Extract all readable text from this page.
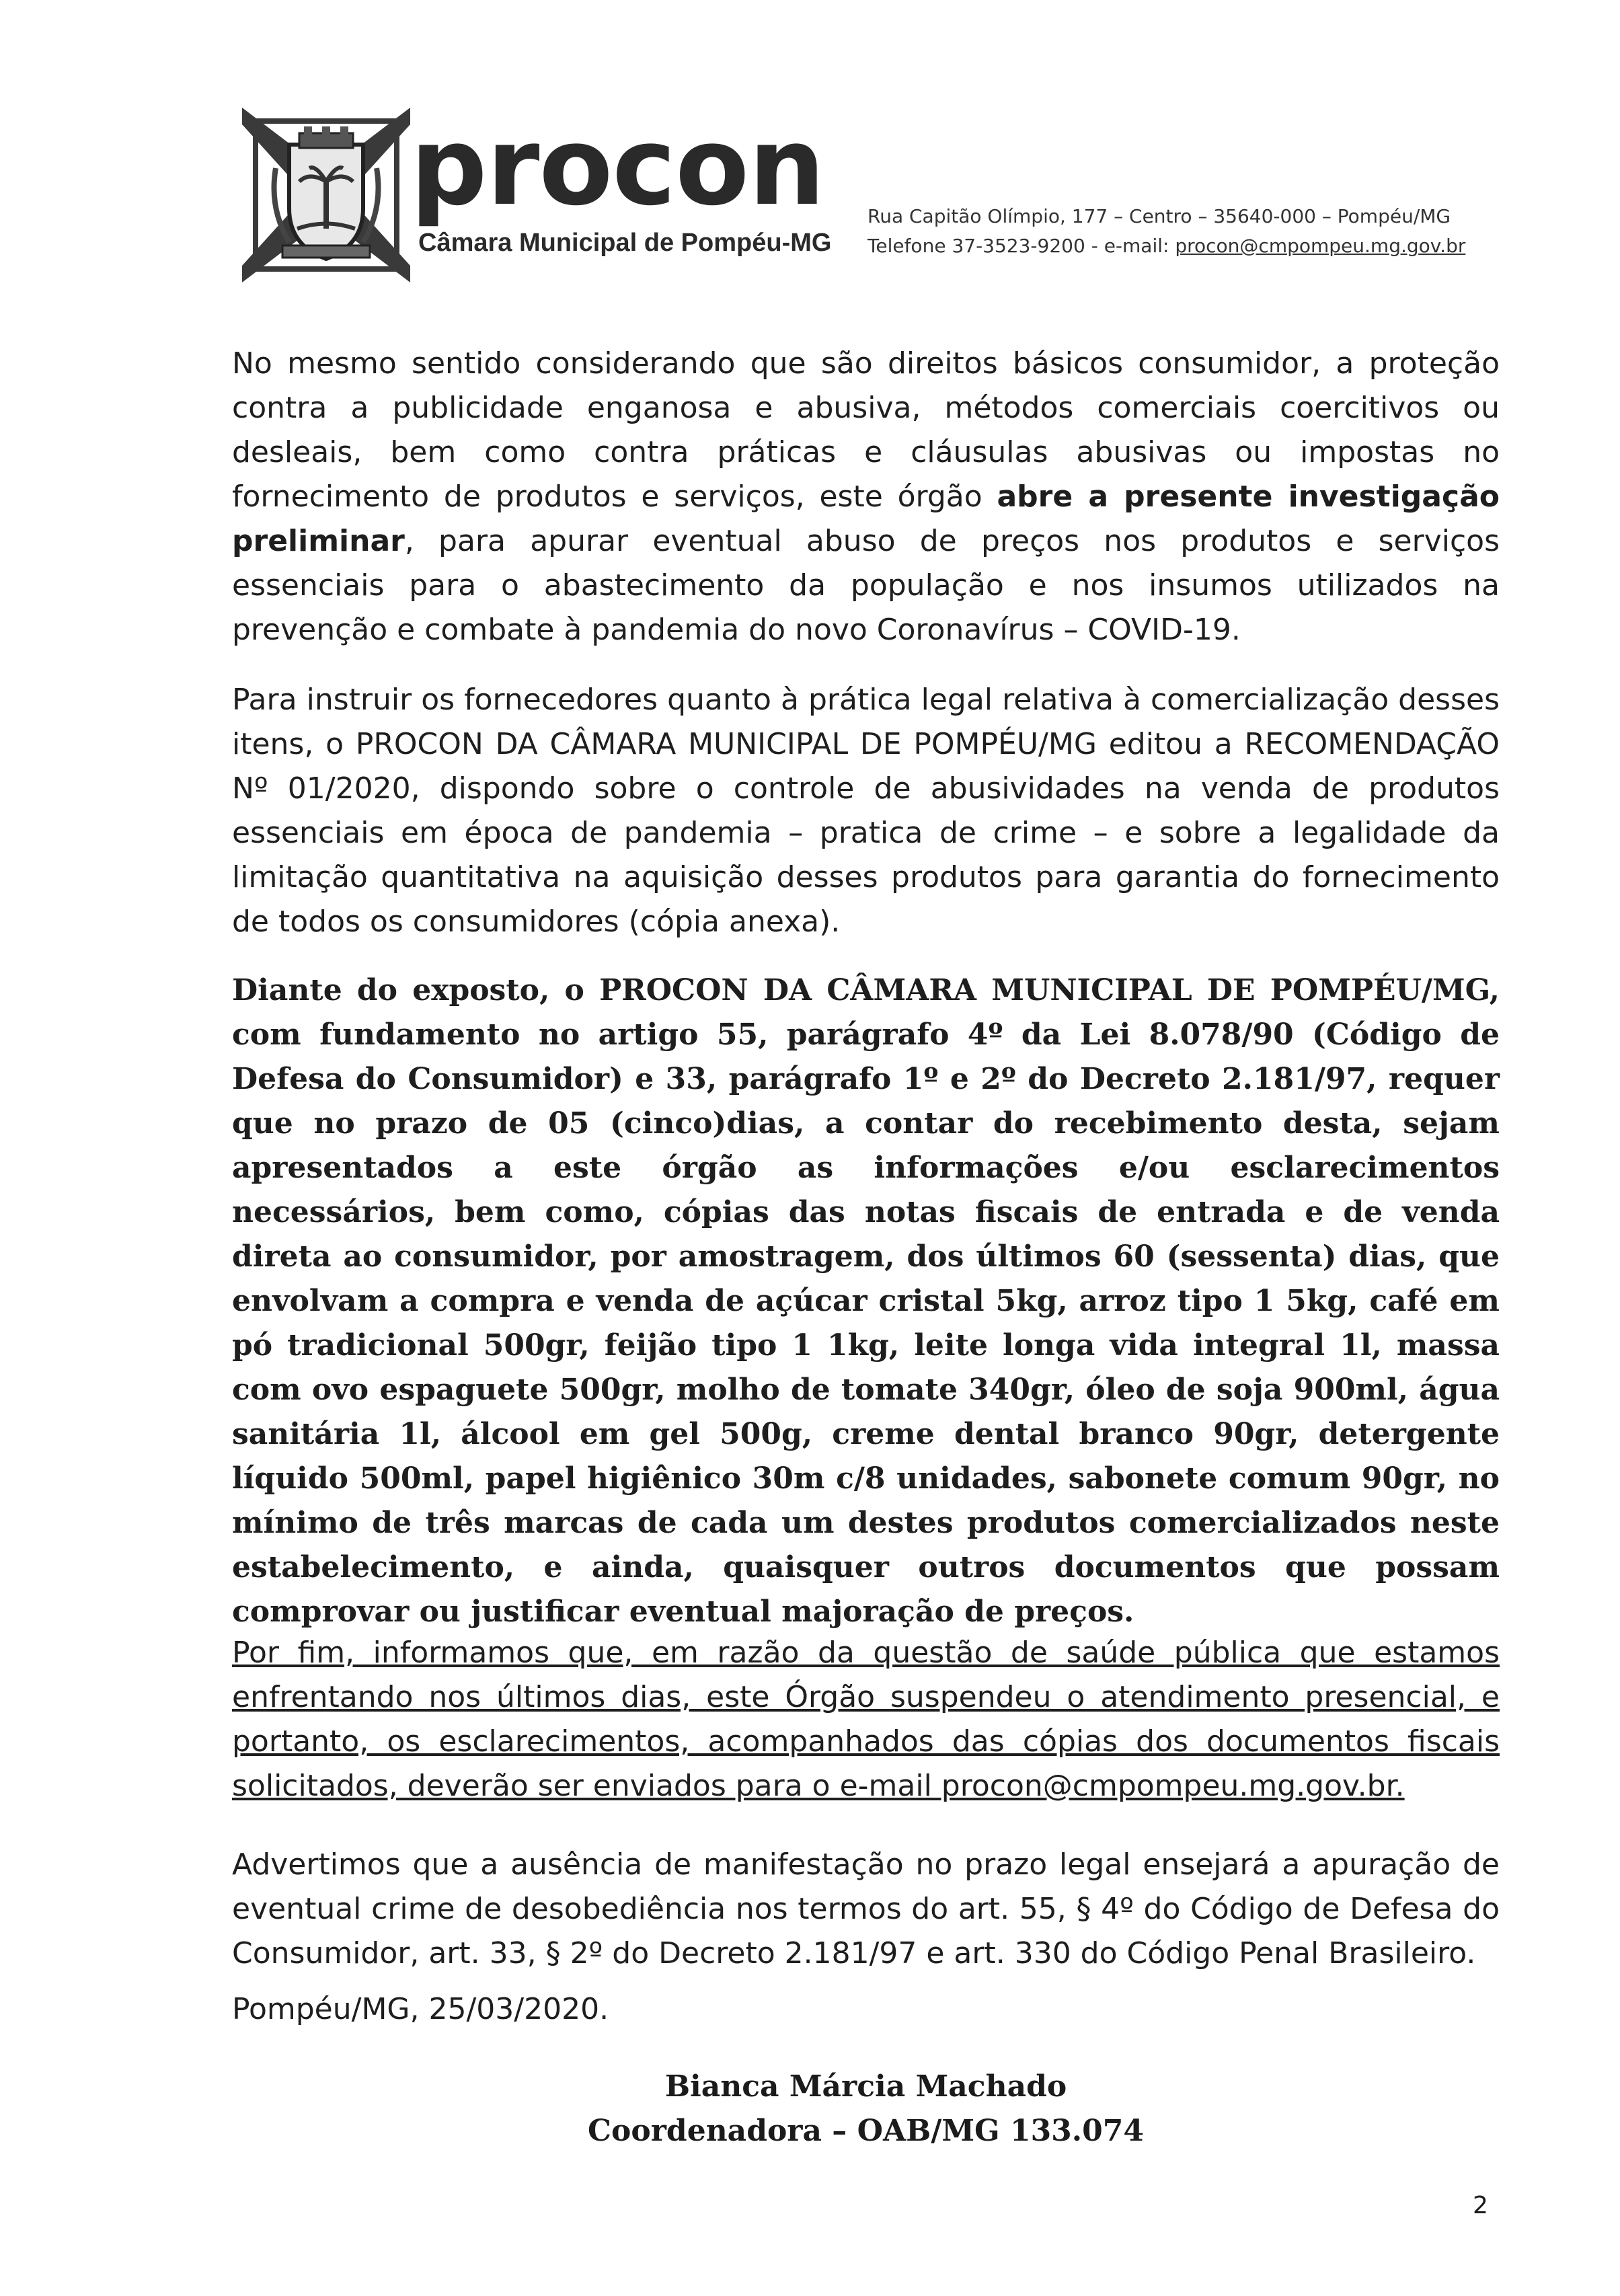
procon
Câmara Municipal de Pompéu-MG
Rua Capitão Olímpio, 177 – Centro – 35640-000 – Pompéu/MG
Telefone 37-3523-9200 - e-mail: procon@cmpompeu.mg.gov.br
No mesmo sentido considerando que são direitos básicos consumidor, a proteção contra a publicidade enganosa e abusiva, métodos comerciais coercitivos ou desleais, bem como contra práticas e cláusulas abusivas ou impostas no fornecimento de produtos e serviços, este órgão abre a presente investigação preliminar, para apurar eventual abuso de preços nos produtos e serviços essenciais para o abastecimento da população e nos insumos utilizados na prevenção e combate à pandemia do novo Coronavírus – COVID-19.
Para instruir os fornecedores quanto à prática legal relativa à comercialização desses itens, o PROCON DA CÂMARA MUNICIPAL DE POMPÉU/MG editou a RECOMENDAÇÃO Nº 01/2020, dispondo sobre o controle de abusividades na venda de produtos essenciais em época de pandemia – pratica de crime – e sobre a legalidade da limitação quantitativa na aquisição desses produtos para garantia do fornecimento de todos os consumidores (cópia anexa).
Diante do exposto, o PROCON DA CÂMARA MUNICIPAL DE POMPÉU/MG, com fundamento no artigo 55, parágrafo 4º da Lei 8.078/90 (Código de Defesa do Consumidor) e 33, parágrafo 1º e 2º do Decreto 2.181/97, requer que no prazo de 05 (cinco)dias, a contar do recebimento desta, sejam apresentados a este órgão as informações e/ou esclarecimentos necessários, bem como, cópias das notas fiscais de entrada e de venda direta ao consumidor, por amostragem, dos últimos 60 (sessenta) dias, que envolvam a compra e venda de açúcar cristal 5kg, arroz tipo 1 5kg, café em pó tradicional 500gr, feijão tipo 1 1kg, leite longa vida integral 1l, massa com ovo espaguete 500gr, molho de tomate 340gr, óleo de soja 900ml, água sanitária 1l, álcool em gel 500g, creme dental branco 90gr, detergente líquido 500ml, papel higiênico 30m c/8 unidades, sabonete comum 90gr, no mínimo de três marcas de cada um destes produtos comercializados neste estabelecimento, e ainda, quaisquer outros documentos que possam comprovar ou justificar eventual majoração de preços.
Por fim, informamos que, em razão da questão de saúde pública que estamos enfrentando nos últimos dias, este Órgão suspendeu o atendimento presencial, e portanto, os esclarecimentos, acompanhados das cópias dos documentos fiscais solicitados, deverão ser enviados para o e-mail procon@cmpompeu.mg.gov.br.
Advertimos que a ausência de manifestação no prazo legal ensejará a apuração de eventual crime de desobediência nos termos do art. 55, § 4º do Código de Defesa do Consumidor, art. 33, § 2º do Decreto 2.181/97 e art. 330 do Código Penal Brasileiro.
Pompéu/MG, 25/03/2020.
Bianca Márcia Machado
Coordenadora – OAB/MG 133.074
2
